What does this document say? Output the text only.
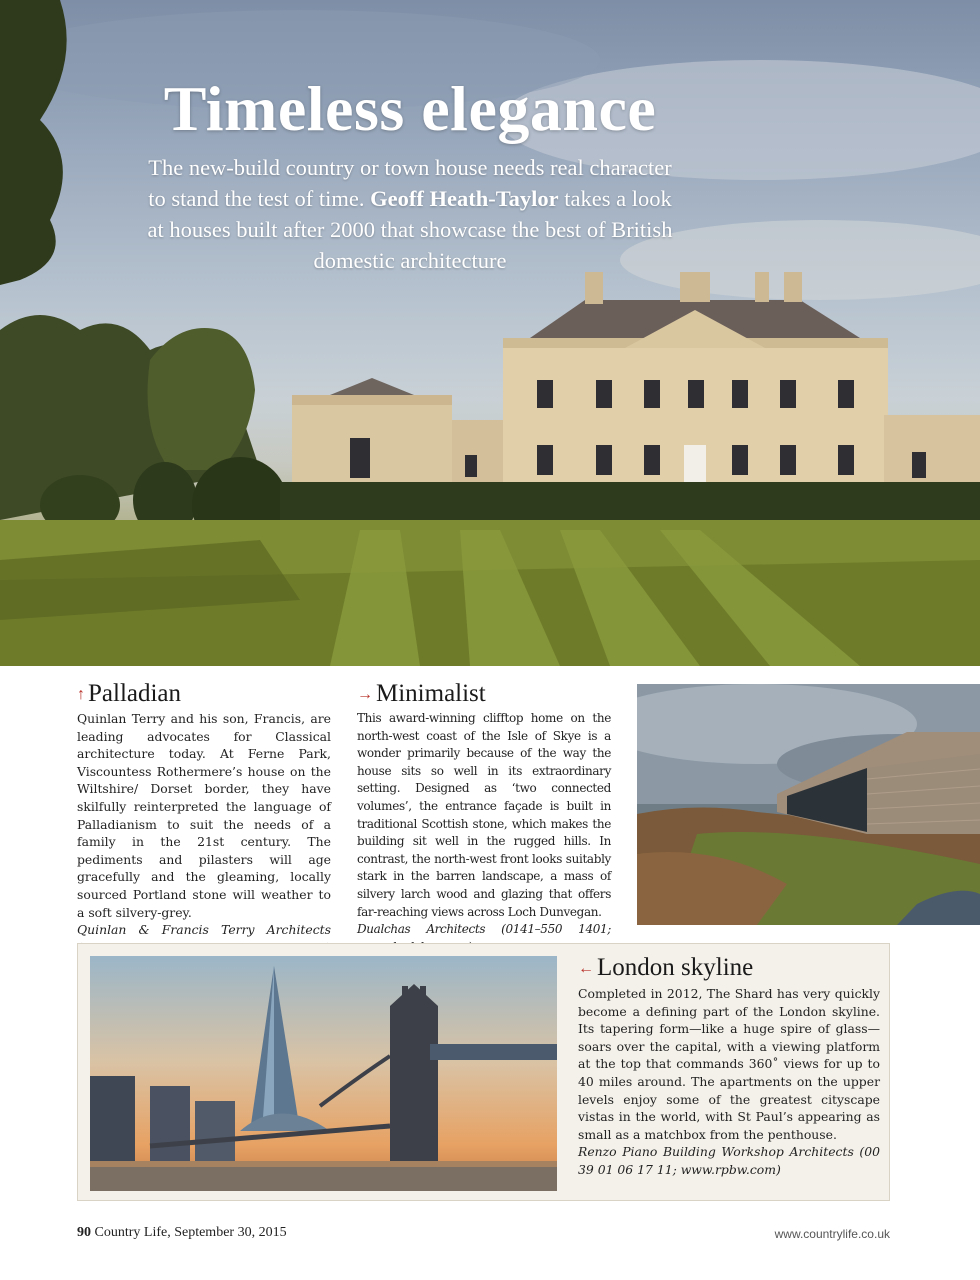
Timeless elegance

The new-build country or town house needs real character to stand the test of time. Geoff Heath-Taylor takes a look at houses built after 2000 that showcase the best of British domestic architecture

↑ Palladian

Quinlan Terry and his son, Francis, are leading advocates for Classical architecture today. At Ferne Park, Viscountess Rothermere’s house on the Wiltshire/ Dorset border, they have skilfully reinterpreted the language of Palladianism to suit the needs of a family in the 21st century. The pediments and pilasters will age gracefully and the gleaming, locally sourced Portland stone will weather to a soft silvery-grey.
Quinlan & Francis Terry Architects

→ Minimalist

This award-winning clifftop home on the north-west coast of the Isle of Skye is a wonder primarily because of the way the house sits so well in its extraordinary setting. Designed as ‘two connected volumes’, the entrance façade is built in traditional Scottish stone, which makes the building sit well in the rugged hills. In contrast, the north-west front looks suitably stark in the barren landscape, a mass of silvery larch wood and glazing that offers far-reaching views across Loch Dunvegan.
Dualchas Architects (0141–550 1401;

← London skyline

Completed in 2012, The Shard has very quickly become a defining part of the London skyline. Its tapering form—like a huge spire of glass—soars over the capital, with a viewing platform at the top that commands 360˚ views for up to 40 miles around. The apartments on the upper levels enjoy some of the greatest cityscape vistas in the world, with St Paul’s appearing as small as a matchbox from the penthouse.
Renzo Piano Building Workshop Architects (00 39 01 06 17 11; www.rpbw.com)

90 Country Life, September 30, 2015	www.countrylife.co.uk
